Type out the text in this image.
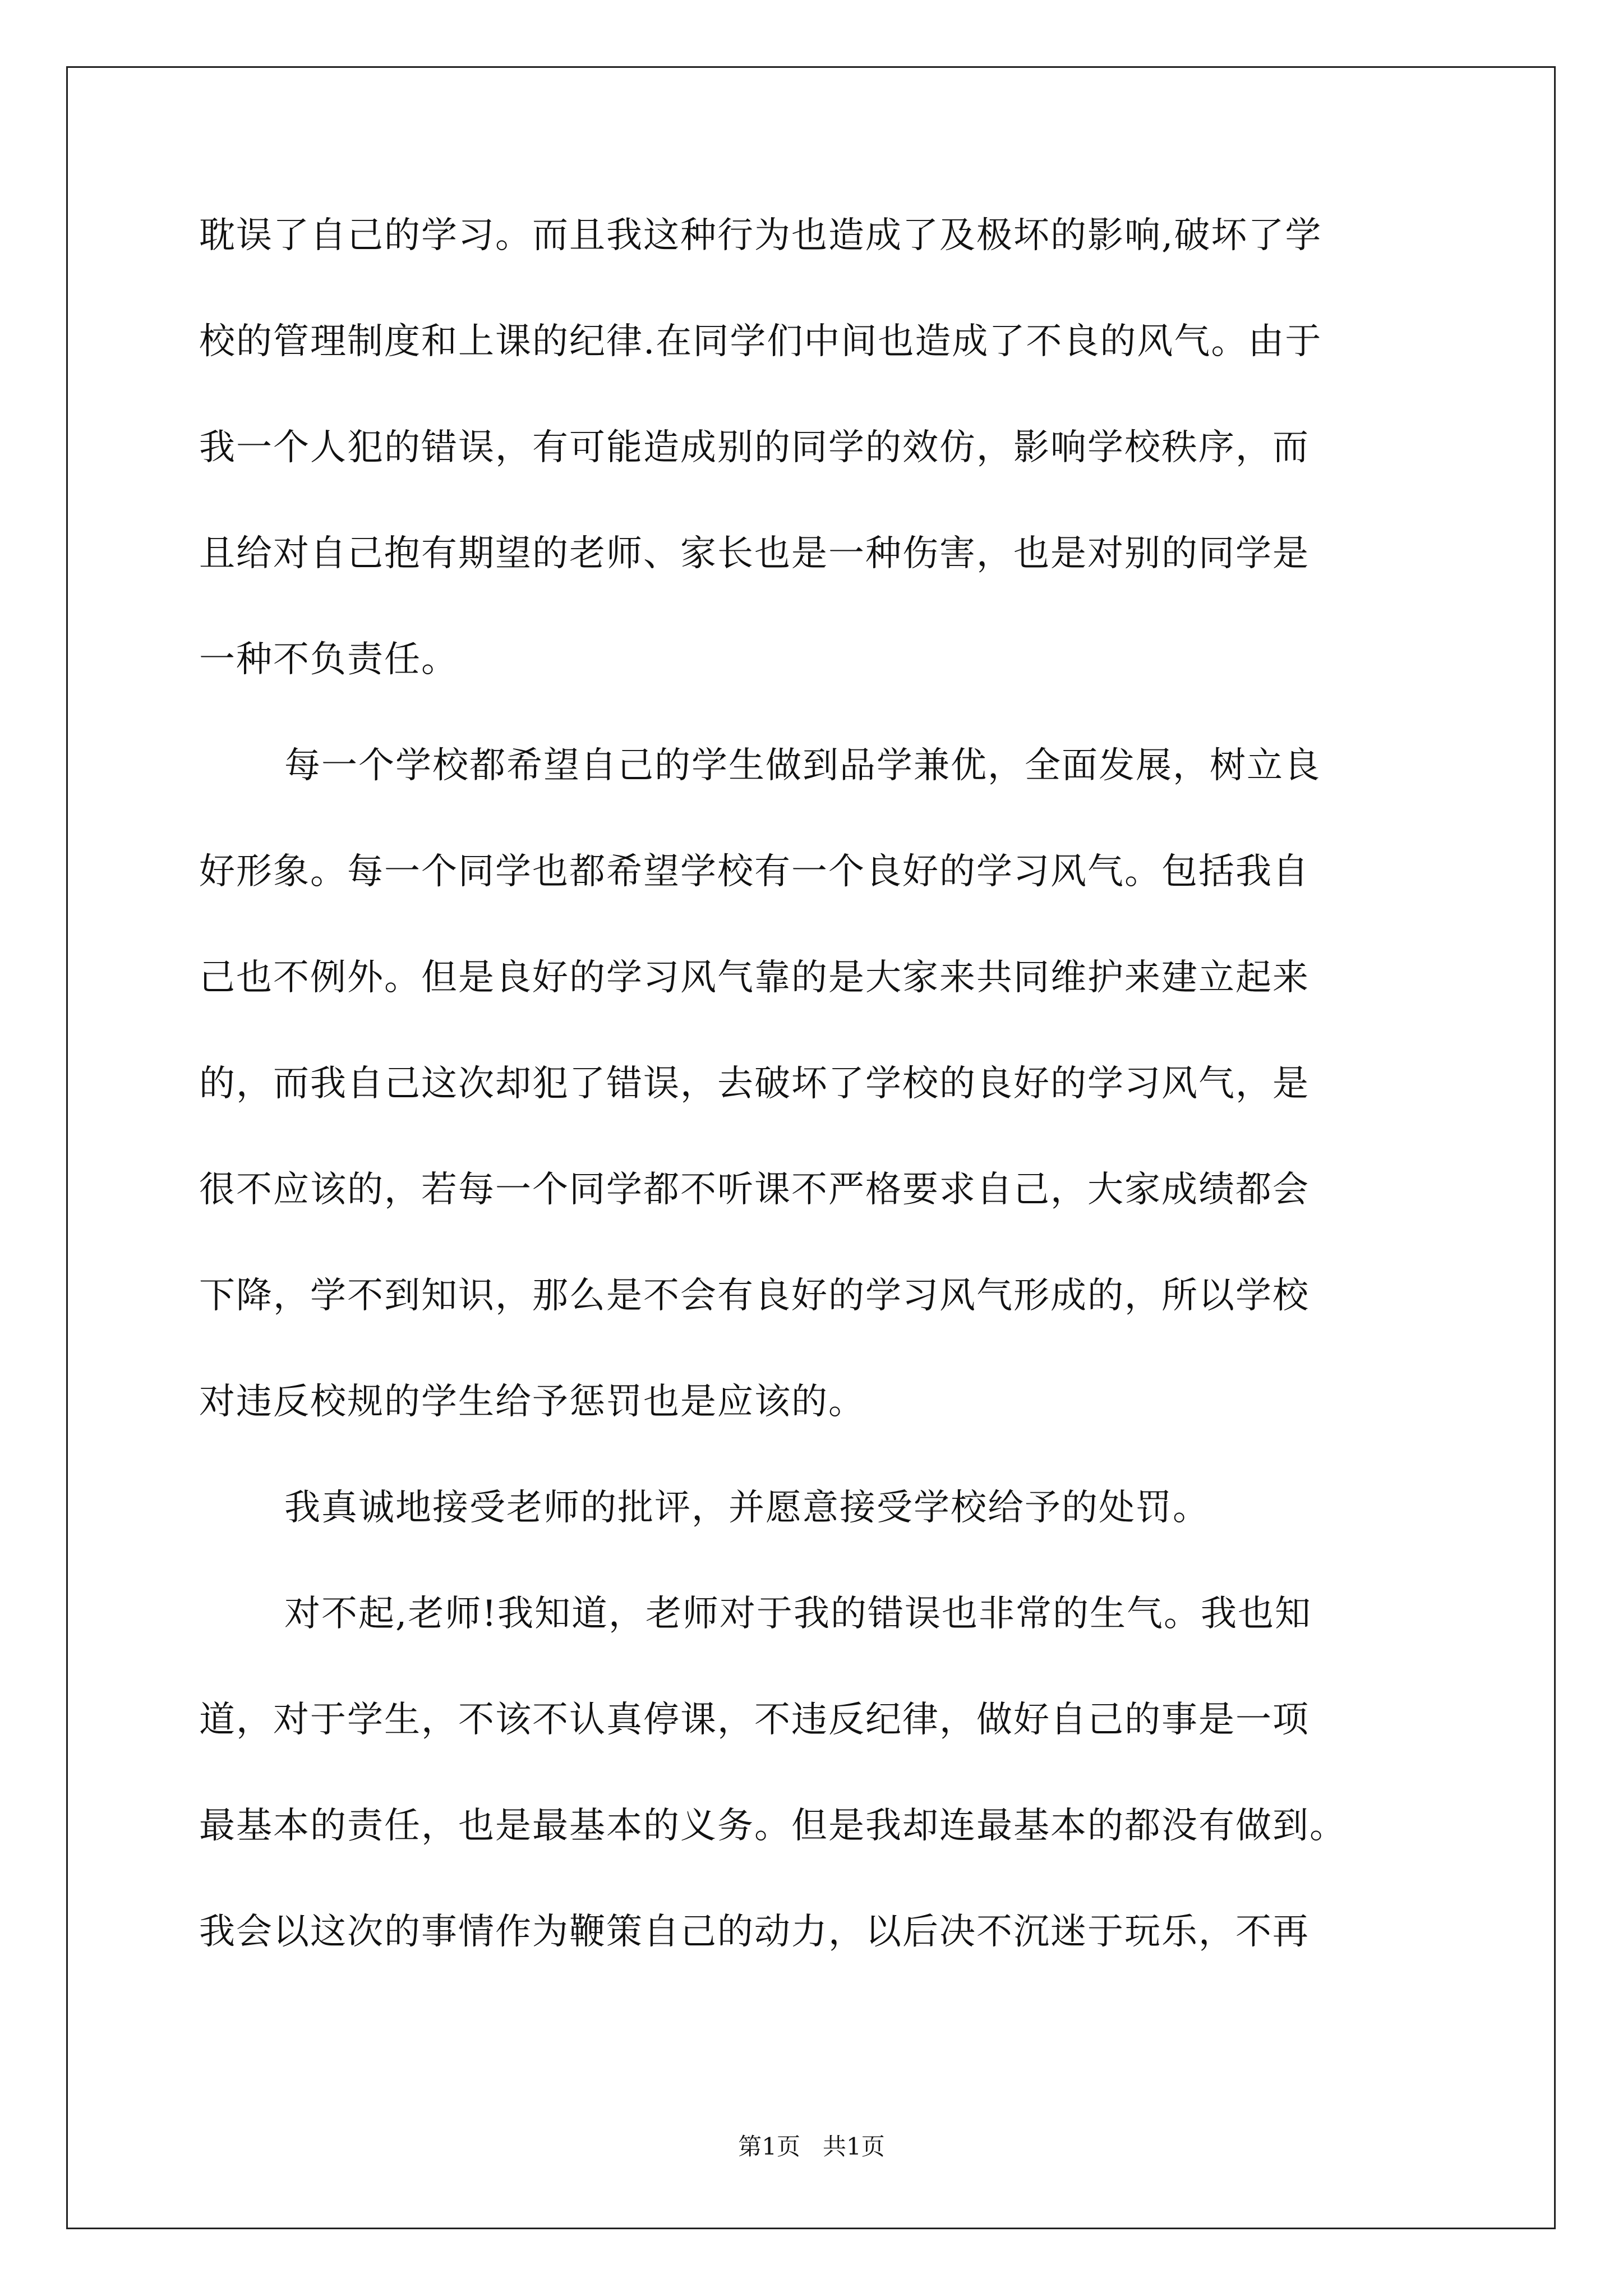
耽误了自己的学习。而且我这种行为也造成了及极坏的影响,破坏了学
校的管理制度和上课的纪律.在同学们中间也造成了不良的风气。由于
我一个人犯的错误，有可能造成别的同学的效仿，影响学校秩序，而
且给对自己抱有期望的老师、家长也是一种伤害，也是对别的同学是
一种不负责任。
每一个学校都希望自己的学生做到品学兼优，全面发展，树立良
好形象。每一个同学也都希望学校有一个良好的学习风气。包括我自
己也不例外。但是良好的学习风气靠的是大家来共同维护来建立起来
的，而我自己这次却犯了错误，去破坏了学校的良好的学习风气，是
很不应该的，若每一个同学都不听课不严格要求自己，大家成绩都会
下降，学不到知识，那么是不会有良好的学习风气形成的，所以学校
对违反校规的学生给予惩罚也是应该的。
我真诚地接受老师的批评，并愿意接受学校给予的处罚。
对不起,老师!我知道，老师对于我的错误也非常的生气。我也知
道，对于学生，不该不认真停课，不违反纪律，做好自己的事是一项
最基本的责任，也是最基本的义务。但是我却连最基本的都没有做到。
我会以这次的事情作为鞭策自己的动力，以后决不沉迷于玩乐，不再
第1页 共1页
